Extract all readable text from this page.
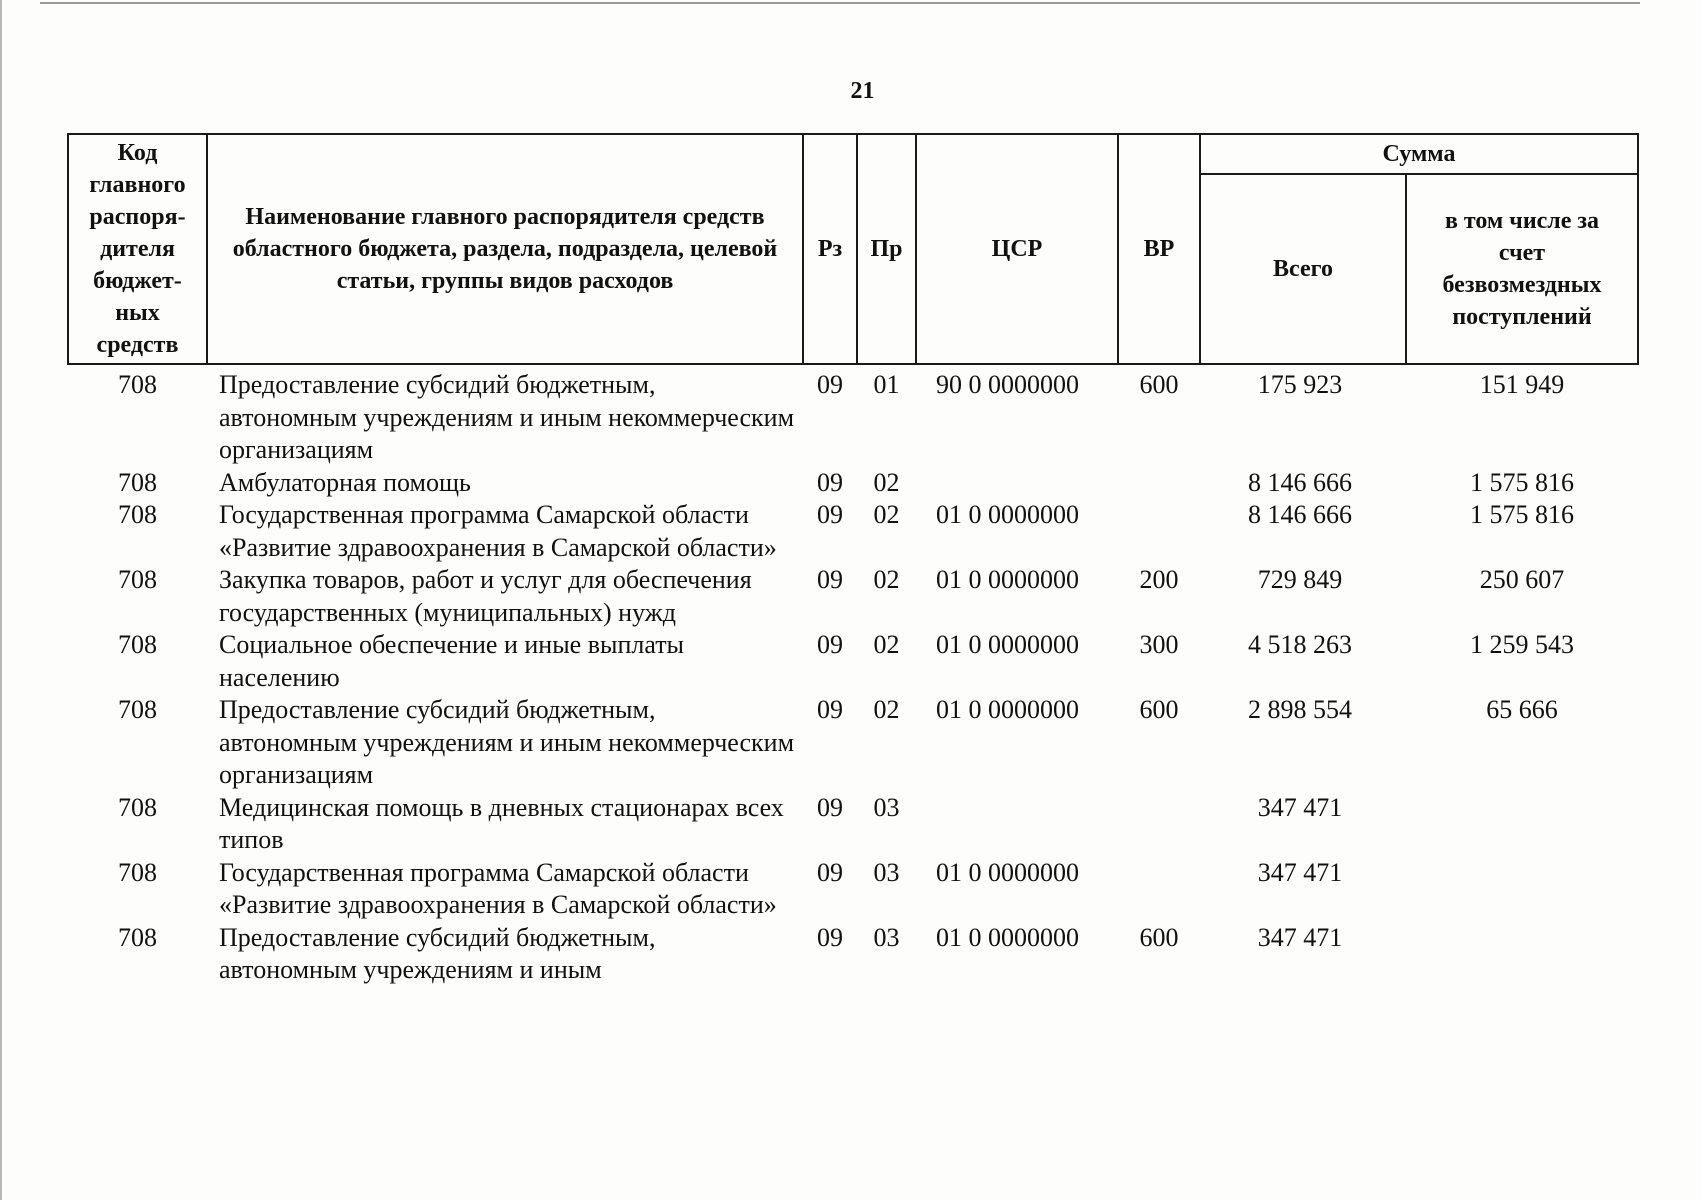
21
Код главного распоря-дителя бюджет-ных средств	Наименование главного распорядителя средств областного бюджета, раздела, подраздела, целевой статьи, группы видов расходов	Рз	Пр	ЦСР	ВР	Сумма	
						Всего	в том числе за счет безвозмездных поступлений
708	Предоставление субсидий бюджетным, автономным учреждениям и иным некоммерческим организациям	09	01	90 0 0000000	600	175 923	151 949
708	Амбулаторная помощь	09	02			8 146 666	1 575 816
708	Государственная программа Самарской области «Развитие здравоохранения в Самарской области»	09	02	01 0 0000000		8 146 666	1 575 816
708	Закупка товаров, работ и услуг для обеспечения государственных (муниципальных) нужд	09	02	01 0 0000000	200	729 849	250 607
708	Социальное обеспечение и иные выплаты населению	09	02	01 0 0000000	300	4 518 263	1 259 543
708	Предоставление субсидий бюджетным, автономным учреждениям и иным некоммерческим организациям	09	02	01 0 0000000	600	2 898 554	65 666
708	Медицинская помощь в дневных стационарах всех типов	09	03			347 471	
708	Государственная программа Самарской области «Развитие здравоохранения в Самарской области»	09	03	01 0 0000000		347 471	
708	Предоставление субсидий бюджетным, автономным учреждениям и иным	09	03	01 0 0000000	600	347 471	
